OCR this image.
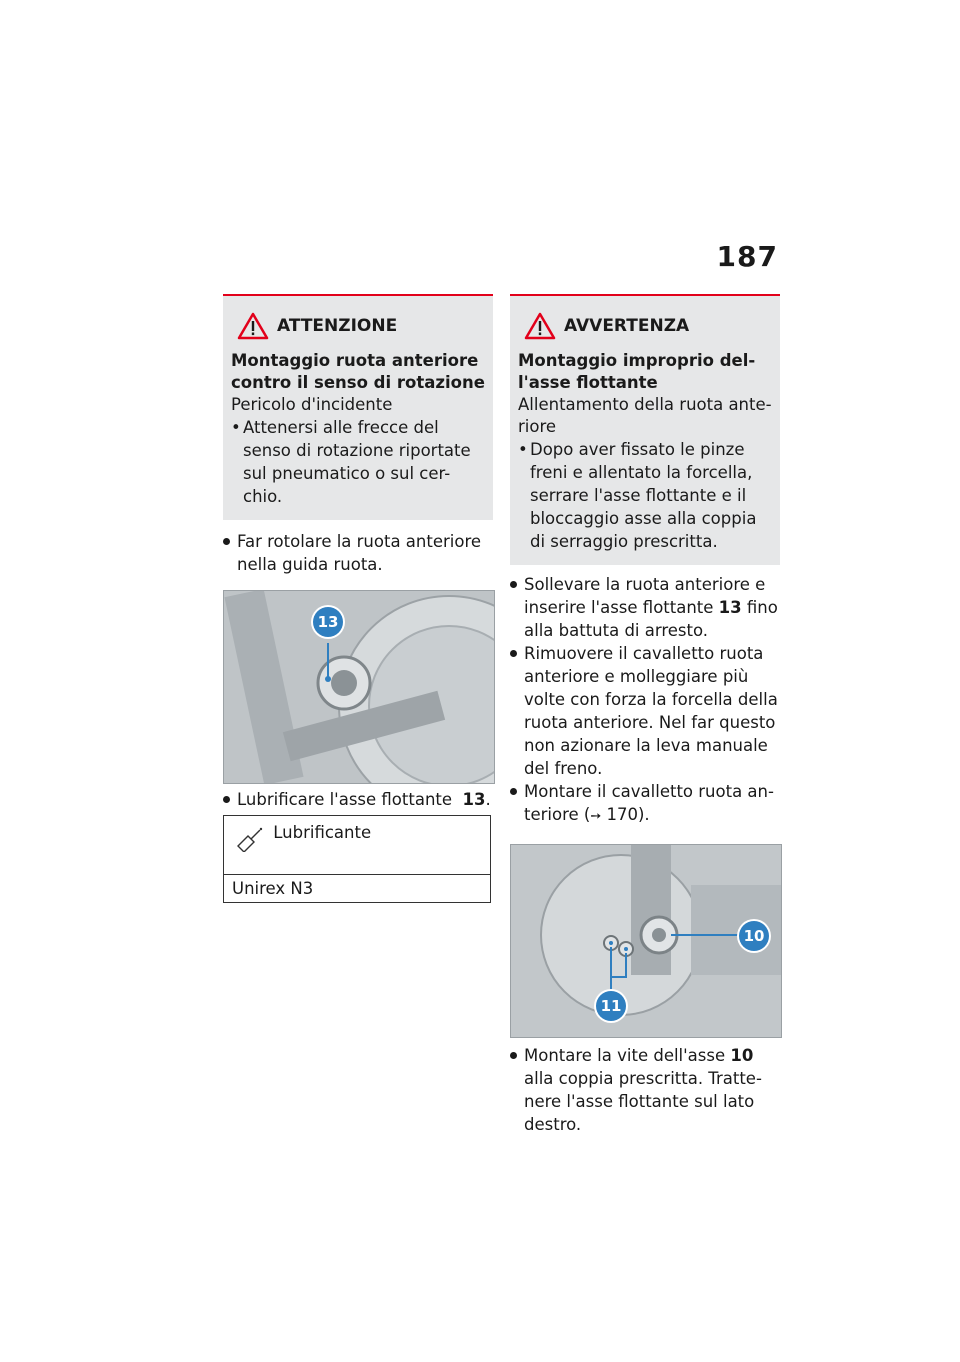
187
ATTENZIONE
Montaggio ruota anteriore contro il senso di rotazione
Pericolo d'incidente
• Attenersi alle frecce del senso di rotazione riportate sul pneumatico o sul cer-chio.
Far rotolare la ruota anteriore nella guida ruota.
13
Lubrificare l'asse flottante 13.
Lubrificante
Unirex N3
AVVERTENZA
Montaggio improprio del-l'asse flottante
Allentamento della ruota ante-riore
• Dopo aver fissato le pinze freni e allentato la forcella, serrare l'asse flottante e il bloccaggio asse alla coppia di serraggio prescritta.
Sollevare la ruota anteriore e inserire l'asse flottante 13 fino alla battuta di arresto.
Rimuovere il cavalletto ruota anteriore e molleggiare più volte con forza la forcella della ruota anteriore. Nel far questo non azionare la leva manuale del freno.
Montare il cavalletto ruota an-teriore (➙ 170).
10
11
Montare la vite dell'asse 10 alla coppia prescritta. Tratte-nere l'asse flottante sul lato destro.
